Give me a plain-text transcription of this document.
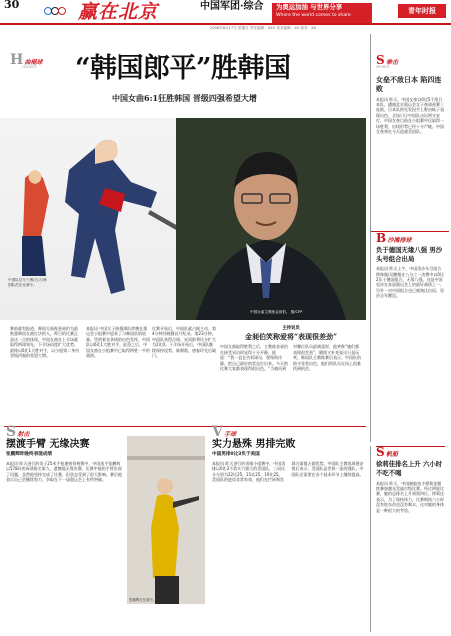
30	赢在北京	中国军团·综合	为奥运加油 与世界分享
Where the world comes to share
青年时报
2008年8月17日 星期日 责任编辑：XXX 美术编辑：XX 校对：XX
H 曲棍球
HOCKEY “韩国郎平”胜韩国
中国女曲6:1狂胜韩国 晋级四强希望大增
中国队员马弋博(右)与韩国队员在比赛中。
中国女曲主教练金昶伯。 图/CFP
赛前就有报道，韩国方面视金昶伯为最熟悉韩国女曲打法的人。昨日的比赛正是这一点的体现。中国女曲在上半场就取得两球领先，下半场再度扩大优势，最终以6比1大胜对手，以小组第二身份晋级四强的希望大增。
本报讯 中国女子曲棍球队昨晚在奥运会小组赛中迎来了与韩国队的较量。凭借着各条线的出色发挥，中国队以6比1大胜对手。此役之后，中国女曲在小组赛中已取得两胜一平的战绩。
比赛开始后，中国队就占据主动，第4分钟付晓静首开纪录。第23分钟，中国队获得点球，宋清龄将比分扩大为2比0。下半场开始后，中国队继续保持攻势，陈朝霞、唐春玲先后破门。
主持说员
金昶伯笑称爱将“表现很差劲”
中国女曲取得胜利之后，主教练金昶伯在接受采访时显得十分平静。他说：“我一直在告诉球员，要保持冷静，把自己最好的状态打出来。今天的比赛大家都表现得很出色。”当被问到对哪位队员最满意时，他笑称“她们都表现很差劲”，随即又补充说这只是玩笑。韩国队主教练赛后表示，中国队的防守非常出色，他们的队员在场上很难找到机会。
S 拳击
SPORTS
女垒不敌日本 陷四连败
本报讯 昨天，中国女垒以0比5不敌日本队，遭遇北京奥运会女子垒球预赛三连败。日本队的先发投手上野由岐子表现出色，全场只让中国队击出两支安打。中国女垒目前在小组赛中仅取得一场胜利，出线形势已经十分严峻。中国女垒将在今天迎战美国队。
B 沙滩排球
负于德国无缘八强 男沙头号组合出局
本报讯 昨天上午，中国男沙头号组合徐林胤/吴鹏根在八分之一决赛中以0比2负于德国组合，无缘八强。这是中国男沙在本届奥运会上的最好战绩之一。另外一对中国组合也已被淘汰出局，男沙全军覆没。
S 射击
摆渡手臂 无缘决赛
张鹏辉昨晚终表现成绩
本报讯 昨天进行的男子25米手枪速射资格赛中，中国选手张鹏辉以578环的成绩排名第九，遗憾地无缘决赛。比赛中他的手臂出现了问题，虽然他坚持完成了比赛，但状态受到了很大影响。赛后他表示自己会继续努力，争取在下一届奥运会上有所突破。
张鹏辉在比赛中。图/新华社
V 手球
实力悬殊 男排完败
中国男排0比3负于美国
本报讯 昨天进行的男排小组赛中，中国男排以0比3不敌实力强大的美国队，三局比分分别为22比25、21比25、19比25。美国队的进攻非常有效，他们在拦网和发球方面都占据优势。中国队主教练周建安赛后表示，美国队是世界一流的强队，中国队还需要在各个技术环节上继续提高。
S 帆船
徐莉佳排名上升 六小时不吃不喝
本报讯 昨天，中国帆船选手徐莉佳继续参加激光雷迪尔级比赛。经过两轮比赛，她的总排名上升到第四位。徐莉佳表示，为了保持体力，比赛期间六小时没有吃东西也没有喝水，这对她的身体是一种很大的考验。
